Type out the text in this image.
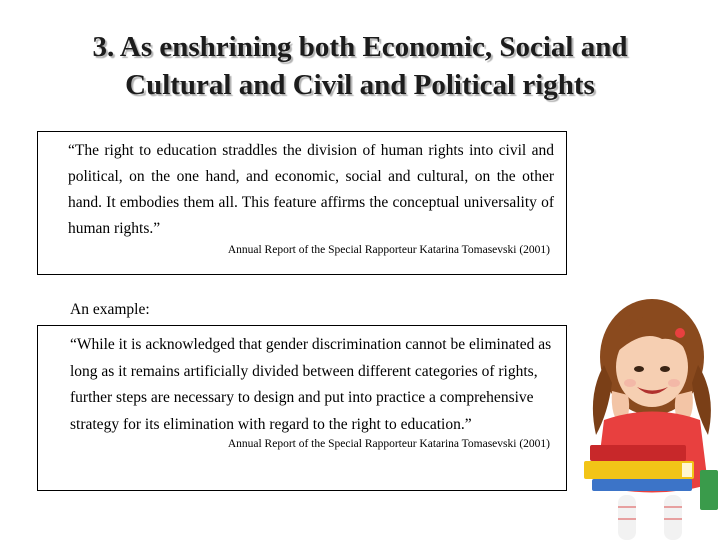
3. As enshrining both Economic, Social and
Cultural and Civil and Political rights

“The right to education straddles the division of human rights into civil and political, on the one hand, and economic, social and cultural, on the other hand. It embodies them all. This feature affirms the conceptual universality of human rights.”

Annual Report of the Special Rapporteur Katarina Tomasevski (2001)
An example:

“While it is acknowledged that gender discrimination cannot be eliminated as long as it remains artificially divided between different categories of rights, further steps are necessary to design and put into practice a comprehensive strategy for its elimination with regard to the right to education.”

Annual Report of the Special Rapporteur Katarina Tomasevski (2001)
